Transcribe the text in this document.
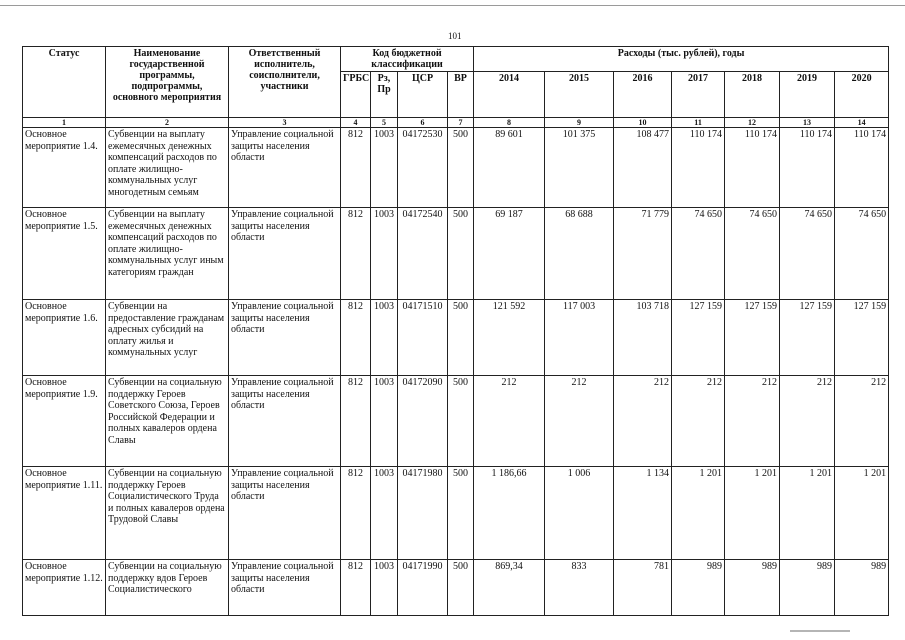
101
Статус	Наименование государственной программы, подпрограммы, основного мероприятия	Ответственный исполнитель, соисполнители, участники	Код бюджетной классификации				Расходы (тыс. рублей), годы						
			ГРБС	Рз, Пр	ЦСР	ВР	2014	2015	2016	2017	2018	2019	2020
1	2	3	4	5	6	7	8	9	10	11	12	13	14
Основное мероприятие 1.4.	Субвенции на выплату ежемесячных денежных компенсаций расходов по оплате жилищно-коммунальных услуг многодетным семьям	Управление социальной защиты населения области	812	1003	04172530	500	89 601	101 375	108 477	110 174	110 174	110 174	110 174
Основное мероприятие 1.5.	Субвенции на выплату ежемесячных денежных компенсаций расходов по оплате жилищно-коммунальных услуг иным категориям граждан	Управление социальной защиты населения области	812	1003	04172540	500	69 187	68 688	71 779	74 650	74 650	74 650	74 650
Основное мероприятие 1.6.	Субвенции на предоставление гражданам адресных субсидий на оплату жилья и коммунальных услуг	Управление социальной защиты населения области	812	1003	04171510	500	121 592	117 003	103 718	127 159	127 159	127 159	127 159
Основное мероприятие 1.9.	Субвенции на социальную поддержку Героев Советского Союза, Героев Российской Федерации и полных кавалеров ордена Славы	Управление социальной защиты населения области	812	1003	04172090	500	212	212	212	212	212	212	212
Основное мероприятие 1.11.	Субвенции на социальную поддержку Героев Социалистического Труда и полных кавалеров ордена Трудовой Славы	Управление социальной защиты населения области	812	1003	04171980	500	1 186,66	1 006	1 134	1 201	1 201	1 201	1 201
Основное мероприятие 1.12.	Субвенции на социальную поддержку вдов Героев Социалистического	Управление социальной защиты населения области	812	1003	04171990	500	869,34	833	781	989	989	989	989
